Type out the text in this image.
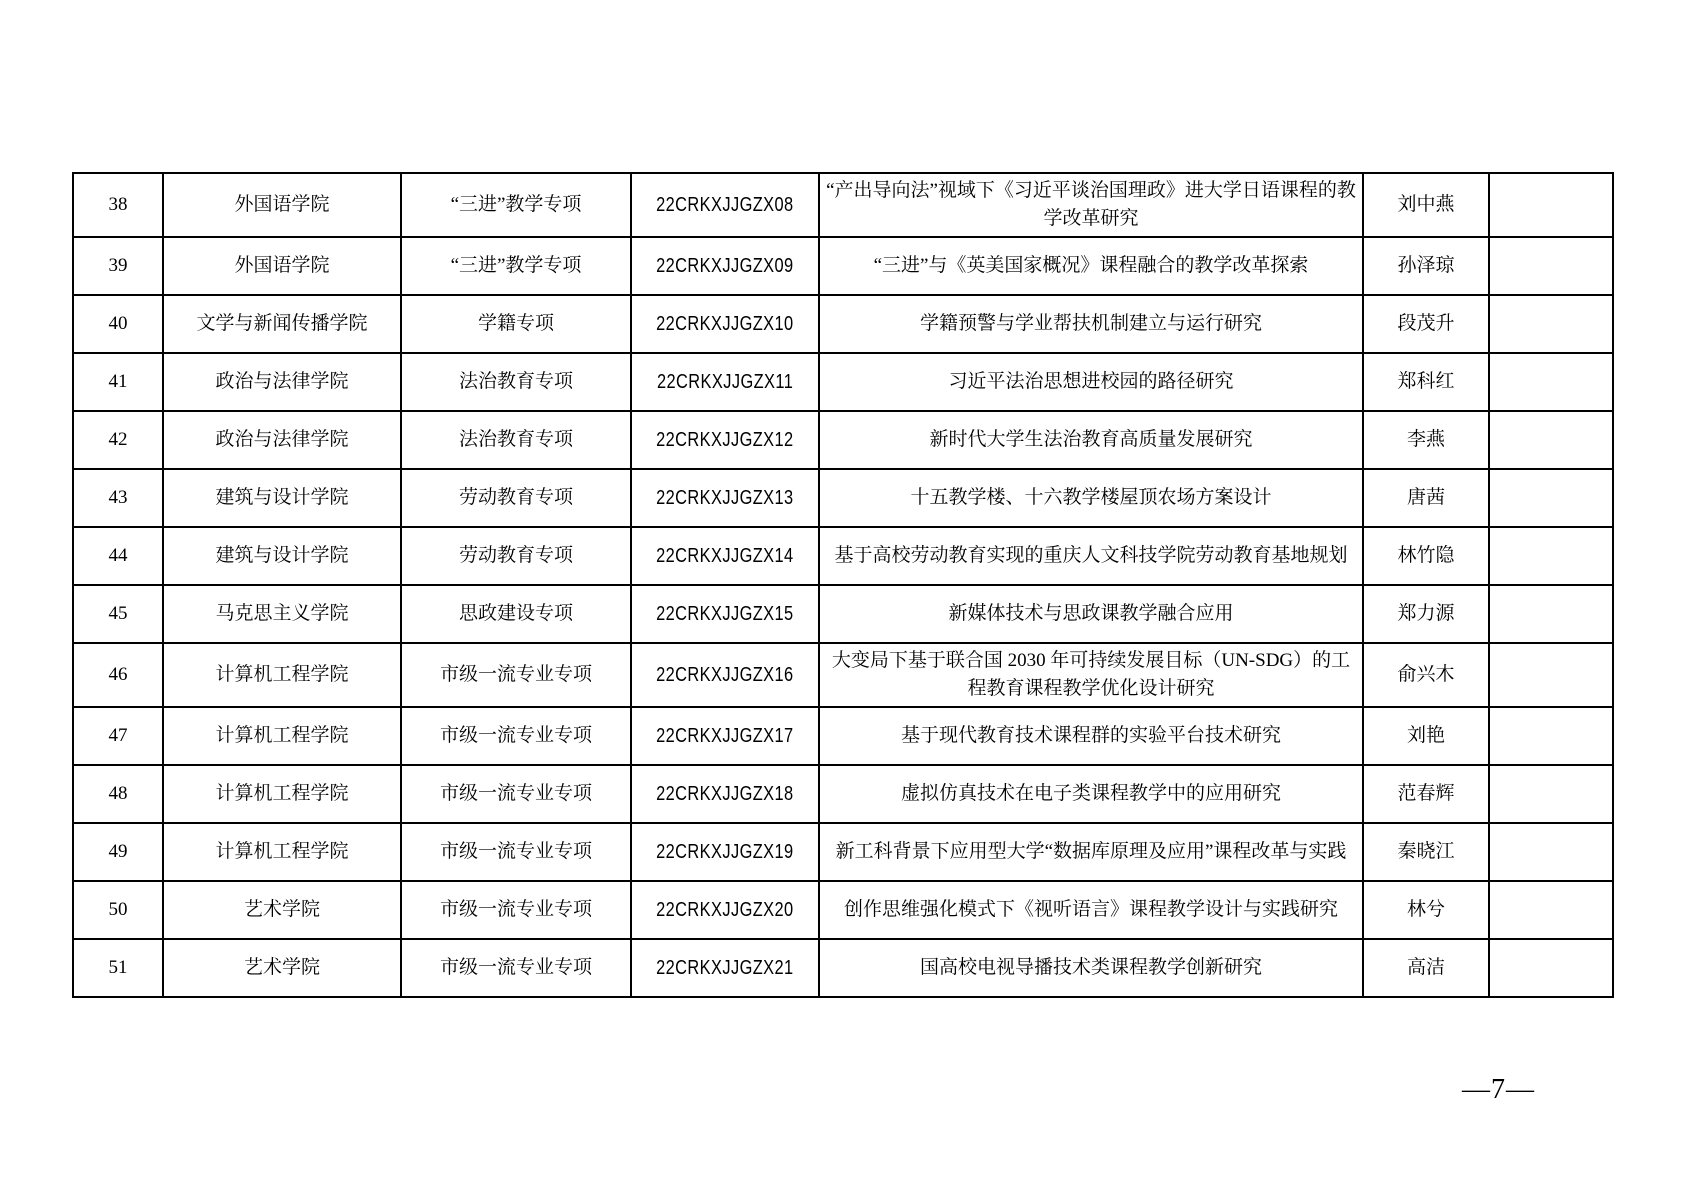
38	外国语学院	“三进”教学专项	22CRKXJJGZX08	“产出导向法”视域下《习近平谈治国理政》进大学日语课程的教学改革研究	刘中燕	
39	外国语学院	“三进”教学专项	22CRKXJJGZX09	“三进”与《英美国家概况》课程融合的教学改革探索	孙泽琼	
40	文学与新闻传播学院	学籍专项	22CRKXJJGZX10	学籍预警与学业帮扶机制建立与运行研究	段茂升	
41	政治与法律学院	法治教育专项	22CRKXJJGZX11	习近平法治思想进校园的路径研究	郑科红	
42	政治与法律学院	法治教育专项	22CRKXJJGZX12	新时代大学生法治教育高质量发展研究	李燕	
43	建筑与设计学院	劳动教育专项	22CRKXJJGZX13	十五教学楼、十六教学楼屋顶农场方案设计	唐茜	
44	建筑与设计学院	劳动教育专项	22CRKXJJGZX14	基于高校劳动教育实现的重庆人文科技学院劳动教育基地规划	林竹隐	
45	马克思主义学院	思政建设专项	22CRKXJJGZX15	新媒体技术与思政课教学融合应用	郑力源	
46	计算机工程学院	市级一流专业专项	22CRKXJJGZX16	大变局下基于联合国 2030 年可持续发展目标（UN-SDG）的工程教育课程教学优化设计研究	俞兴木	
47	计算机工程学院	市级一流专业专项	22CRKXJJGZX17	基于现代教育技术课程群的实验平台技术研究	刘艳	
48	计算机工程学院	市级一流专业专项	22CRKXJJGZX18	虚拟仿真技术在电子类课程教学中的应用研究	范春辉	
49	计算机工程学院	市级一流专业专项	22CRKXJJGZX19	新工科背景下应用型大学“数据库原理及应用”课程改革与实践	秦晓江	
50	艺术学院	市级一流专业专项	22CRKXJJGZX20	创作思维强化模式下《视听语言》课程教学设计与实践研究	林兮	
51	艺术学院	市级一流专业专项	22CRKXJJGZX21	国高校电视导播技术类课程教学创新研究	高洁	
—7—
